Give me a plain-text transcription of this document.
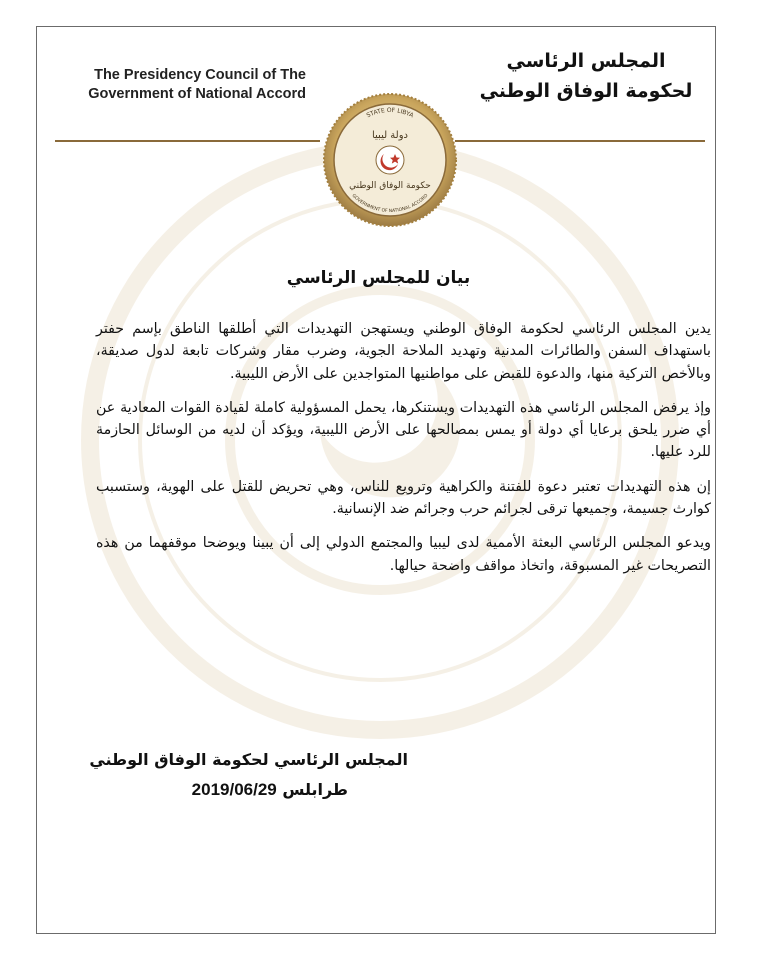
The Presidency Council of The Government of National Accord
المجلس الرئاسي
لحكومة الوفاق الوطني
STATE OF LIBYA
دولة ليبيا
حكومة الوفاق الوطني
GOVERNMENT OF NATIONAL ACCORD
بيان للمجلس الرئاسي

يدين المجلس الرئاسي لحكومة الوفاق الوطني ويستهجن التهديدات التي أطلقها الناطق بإسم حفتر باستهداف السفن والطائرات المدنية وتهديد الملاحة الجوية، وضرب مقار وشركات تابعة لدول صديقة، وبالأخص التركية منها، والدعوة للقبض على مواطنيها المتواجدين على الأرض الليبية.

وإذ يرفض المجلس الرئاسي هذه التهديدات ويستنكرها، يحمل المسؤولية كاملة لقيادة القوات المعادية عن أي ضرر يلحق برعايا أي دولة أو يمس بمصالحها على الأرض الليبية، ويؤكد أن لديه من الوسائل الحازمة للرد عليها.

إن هذه التهديدات تعتبر دعوة للفتنة والكراهية وترويع للناس، وهي تحريض للقتل على الهوية، وستسبب كوارث جسيمة، وجميعها ترقى لجرائم حرب وجرائم ضد الإنسانية.

ويدعو المجلس الرئاسي البعثة الأممية لدى ليبيا والمجتمع الدولي إلى أن يبينا ويوضحا موقفهما من هذه التصريحات غير المسبوقة، واتخاذ مواقف واضحة حيالها.

المجلس الرئاسي لحكومة الوفاق الوطني
طرابلس 2019/06/29
